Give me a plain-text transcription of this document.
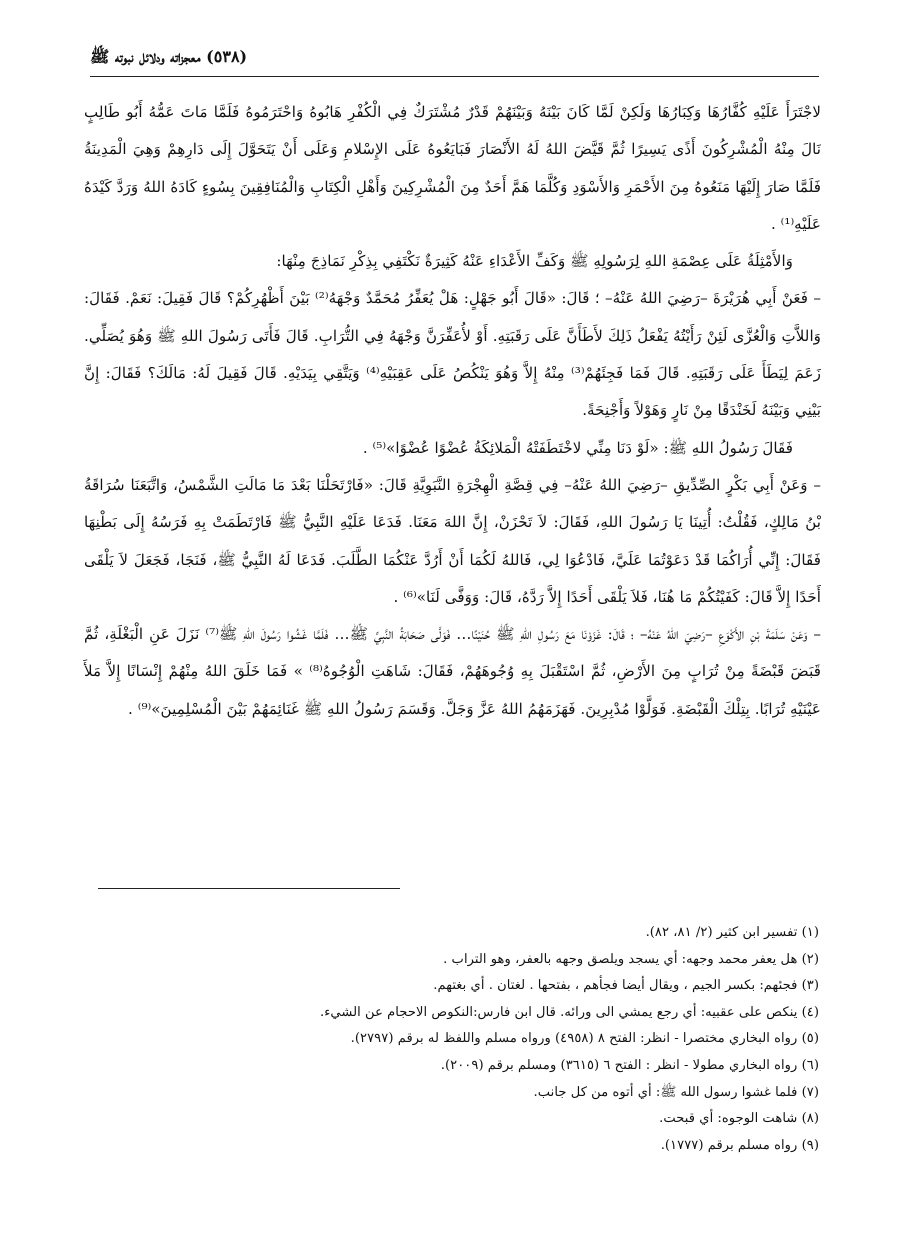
(٥٣٨) معجزاته ودلائل نبوته ﷺ

لاجْتَرَأَ عَلَيْهِ كُفَّارُهَا وَكِبَارُهَا وَلَكِنْ لَمَّا كَانَ بَيْنَهُ وَبَيْنَهُمْ قَدْرٌ مُشْتَرَكٌ فِي الْكُفْرِ هَابُوهُ وَاحْتَرَمُوهُ فَلَمَّا مَاتَ عَمُّهُ أَبُو طَالِبٍ نَالَ مِنْهُ الْمُشْرِكُونَ أَذًى يَسِيرًا ثُمَّ قَيَّضَ اللهُ لَهُ الأَنْصَارَ فَبَايَعُوهُ عَلَى الإِسْلامِ وَعَلَى أَنْ يَتَحَوَّلَ إِلَى دَارِهِمْ وَهِيَ الْمَدِينَةُ فَلَمَّا صَارَ إِلَيْهَا مَنَعُوهُ مِنَ الأَحْمَرِ وَالأَسْوَدِ وَكُلَّمَا هَمَّ أَحَدٌ مِنَ الْمُشْرِكِينَ وَأَهْلِ الْكِتَابِ وَالْمُنَافِقِينَ بِسُوءٍ كَادَهُ اللهُ وَرَدَّ كَيْدَهُ عَلَيْهِ⁽¹⁾ .

وَالأَمْثِلَةُ عَلَى عِصْمَةِ اللهِ لِرَسُولِهِ ﷺ وَكَفِّ الأَعْدَاءِ عَنْهُ كَثِيرَةٌ نَكْتَفِي بِذِكْرِ نَمَاذِجَ مِنْهَا:

– فَعَنْ أَبِي هُرَيْرَةَ –رَضِيَ اللهُ عَنْهُ– ؛ قَالَ: «قَالَ أَبُو جَهْلٍ: هَلْ يُعَفِّرُ مُحَمَّدٌ وَجْهَهُ⁽²⁾ بَيْنَ أَظْهُرِكُمْ؟ قَالَ فَقِيلَ: نَعَمْ. فَقَالَ: وَاللاَّتِ وَالْعُزَّى لَئِنْ رَأَيْتُهُ يَفْعَلُ ذَلِكَ لأَطَأَنَّ عَلَى رَقَبَتِهِ. أَوْ لأُعَفِّرَنَّ وَجْهَهُ فِي التُّرَابِ. قَالَ فَأَتَى رَسُولَ اللهِ ﷺ وَهُوَ يُصَلِّي. زَعَمَ لِيَطَأَ عَلَى رَقَبَتِهِ. قَالَ فَمَا فَجِئَهُمْ⁽³⁾ مِنْهُ إِلاَّ وَهُوَ يَنْكُصُ عَلَى عَقِبَيْهِ⁽⁴⁾ وَيَتَّقِي بِيَدَيْهِ. قَالَ فَقِيلَ لَهُ: مَالَكَ؟ فَقَالَ: إِنَّ بَيْنِي وَبَيْنَهُ لَخَنْدَقًا مِنْ نَارٍ وَهَوْلاً وَأَجْنِحَةً.

فَقَالَ رَسُولُ اللهِ ﷺ: «لَوْ دَنَا مِنِّي لاخْتَطَفَتْهُ الْمَلائِكَةُ عُضْوًا عُضْوًا»⁽⁵⁾ .

– وَعَنْ أَبِي بَكْرٍ الصِّدِّيقِ –رَضِيَ اللهُ عَنْهُ– فِي قِصَّةِ الْهِجْرَةِ النَّبَوِيَّةِ قَالَ: «فَارْتَحَلْنَا بَعْدَ مَا مَالَتِ الشَّمْسُ، وَاتَّبَعَنَا سُرَاقَةُ بْنُ مَالِكٍ، فَقُلْتُ: أُتِينَا يَا رَسُولَ اللهِ، فَقَالَ: لاَ تَحْزَنْ، إِنَّ اللهَ مَعَنَا. فَدَعَا عَلَيْهِ النَّبِيُّ ﷺ فَارْتَطَمَتْ بِهِ فَرَسُهُ إِلَى بَطْنِهَا فَقَالَ: إِنِّي أُرَاكُمَا قَدْ دَعَوْتُمَا عَلَيَّ، فَادْعُوَا لِي، فَاللهُ لَكُمَا أَنْ أَرُدَّ عَنْكُمَا الطَّلَبَ. فَدَعَا لَهُ النَّبِيُّ ﷺ، فَنَجَا، فَجَعَلَ لاَ يَلْقَى أَحَدًا إِلاَّ قَالَ: كَفَيْتُكُمْ مَا هُنَا، فَلاَ يَلْقَى أَحَدًا إِلاَّ رَدَّهُ، قَالَ: وَوَفَّى لَنَا»⁽⁶⁾ .

– وَعَنْ سَلَمَةَ بْنِ الأَكْوَعِ –رَضِيَ اللهُ عَنْهُ– ؛ قَالَ: غَزَوْنَا مَعَ رَسُولِ اللهِ ﷺ حُنَيْنًا… فَوَلَّى صَحَابَةُ النَّبِيِّ ﷺ… فَلَمَّا غَشُوا رَسُولَ اللهِ ﷺ⁽⁷⁾ نَزَلَ عَنِ الْبَغْلَةِ، ثُمَّ قَبَضَ قَبْضَةً مِنْ تُرَابٍ مِنَ الأَرْضِ، ثُمَّ اسْتَقْبَلَ بِهِ وُجُوهَهُمْ، فَقَالَ: شَاهَتِ الْوُجُوهُ⁽⁸⁾ » فَمَا خَلَقَ اللهُ مِنْهُمْ إِنْسَانًا إِلاَّ مَلأَ عَيْنَيْهِ تُرَابًا. بِتِلْكَ الْقَبْضَةِ. فَوَلَّوْا مُدْبِرِينَ. فَهَزَمَهُمُ اللهُ عَزَّ وَجَلَّ. وَقَسَمَ رَسُولُ اللهِ ﷺ غَنَائِمَهُمْ بَيْنَ الْمُسْلِمِينَ»⁽⁹⁾ .

(١) تفسير ابن كثير (٢/ ٨١، ٨٢).
(٢) هل يعفر محمد وجهه: أي يسجد ويلصق وجهه بالعفر، وهو التراب .
(٣) فجئهم: بكسر الجيم ، ويقال أيضا فجأهم ، بفتحها . لغتان . أي بغتهم.
(٤) ينكص على عقبيه: أي رجع يمشي الى ورائه. قال ابن فارس:النكوص الاحجام عن الشيء.
(٥) رواه البخاري مختصرا - انظر: الفتح ٨ (٤٩٥٨) ورواه مسلم واللفظ له برقم (٢٧٩٧).
(٦) رواه البخاري مطولا - انظر : الفتح ٦ (٣٦١٥) ومسلم برقم (٢٠٠٩).
(٧) فلما غشوا رسول الله ﷺ: أي أتوه من كل جانب.
(٨) شاهت الوجوه: أي قبحت.
(٩) رواه مسلم برقم (١٧٧٧).
